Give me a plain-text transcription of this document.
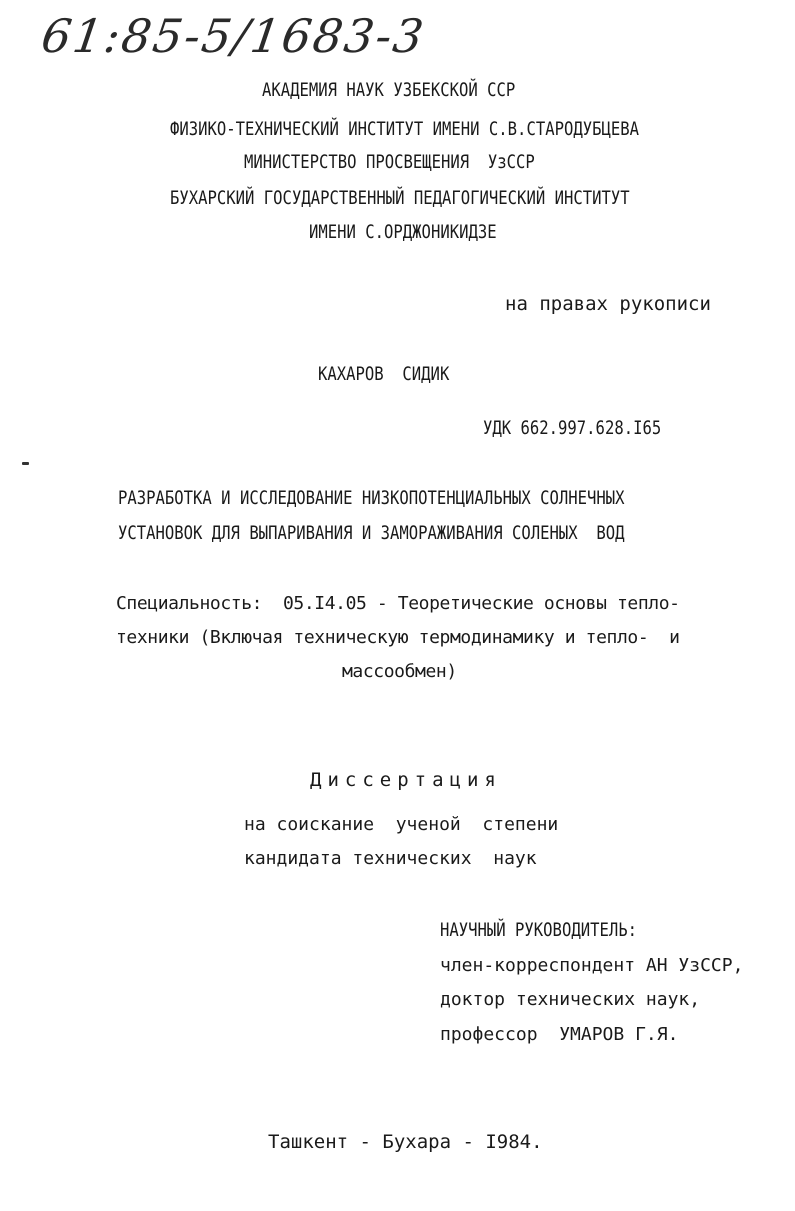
61:85-5/1683-3
АКАДЕМИЯ НАУК УЗБЕКСКОЙ ССР
ФИЗИКО-ТЕХНИЧЕСКИЙ ИНСТИТУТ ИМЕНИ С.В.СТАРОДУБЦЕВА
МИНИСТЕРСТВО ПРОСВЕЩЕНИЯ  УзССР
БУХАРСКИЙ ГОСУДАРСТВЕННЫЙ ПЕДАГОГИЧЕСКИЙ ИНСТИТУТ
ИМЕНИ С.ОРДЖОНИКИДЗЕ
на правах рукописи
КАХАРОВ  СИДИК
УДК 662.997.628.I65
РАЗРАБОТКА И ИССЛЕДОВАНИЕ НИЗКОПОТЕНЦИАЛЬНЫХ СОЛНЕЧНЫХ
УСТАНОВОК ДЛЯ ВЫПАРИВАНИЯ И ЗАМОРАЖИВАНИЯ СОЛЕНЫХ  ВОД
Специальность:  05.I4.05 - Теоретические основы тепло-
техники (Включая техническую термодинамику и тепло-  и
массообмен)
Диссертация
на соискание  ученой  степени
кандидата технических  наук
НАУЧНЫЙ РУКОВОДИТЕЛЬ:
член-корреспондент АН УзССР,
доктор технических наук,
профессор  УМАРОВ Г.Я.
Ташкент - Бухара - I984.
